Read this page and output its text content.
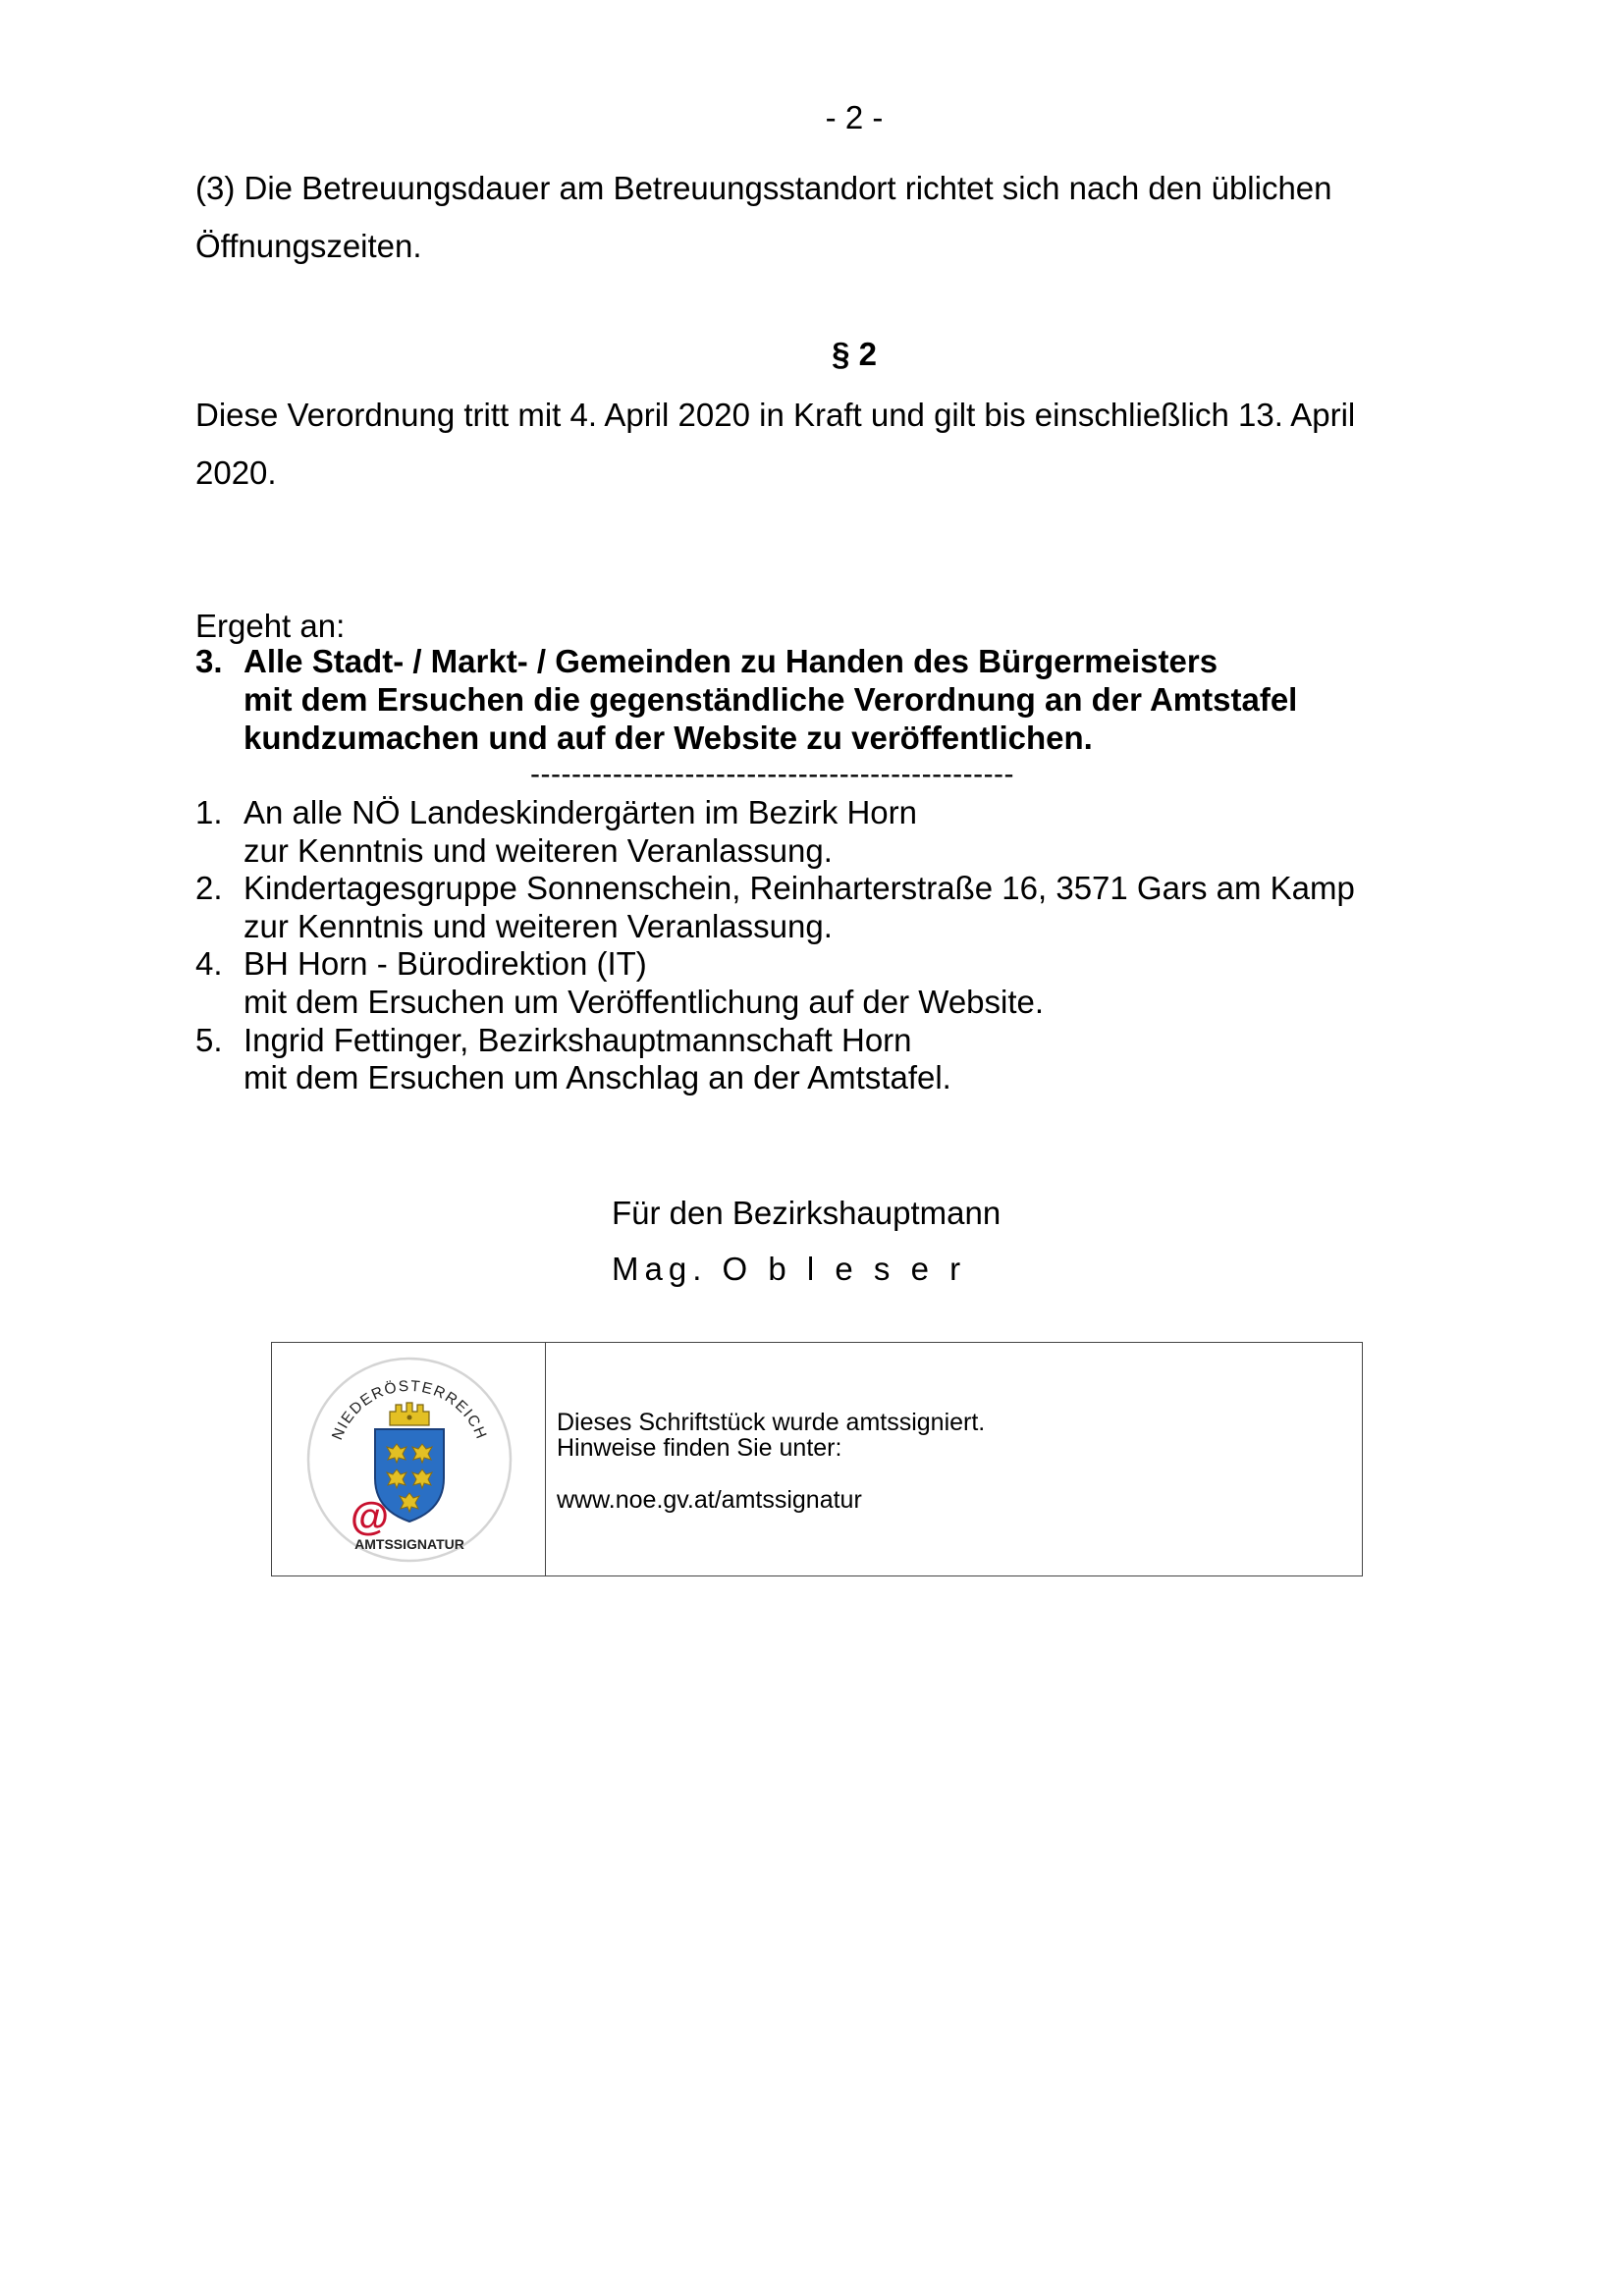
- 2 -
(3) Die Betreuungsdauer am Betreuungsstandort richtet sich nach den üblichen
Öffnungszeiten.
§ 2
Diese Verordnung tritt mit 4. April 2020 in Kraft und gilt bis einschließlich 13. April
2020.
Ergeht an:
3. Alle Stadt- / Markt- / Gemeinden zu Handen des Bürgermeisters
mit dem Ersuchen die gegenständliche Verordnung an der Amtstafel
kundzumachen und auf der Website zu veröffentlichen.
-----------------------------------------------
1. An alle NÖ Landeskindergärten im Bezirk Horn
zur Kenntnis und weiteren Veranlassung.
2. Kindertagesgruppe Sonnenschein, Reinharterstraße 16, 3571 Gars am Kamp
zur Kenntnis und weiteren Veranlassung.
4. BH Horn - Bürodirektion (IT)
mit dem Ersuchen um Veröffentlichung auf der Website.
5. Ingrid Fettinger, Bezirkshauptmannschaft Horn
mit dem Ersuchen um Anschlag an der Amtstafel.
Für den Bezirkshauptmann
Mag. O b l e s e r
NIEDERÖSTERREICH
@
AMTSSIGNATUR
Dieses Schriftstück wurde amtssigniert.
Hinweise finden Sie unter:
www.noe.gv.at/amtssignatur
